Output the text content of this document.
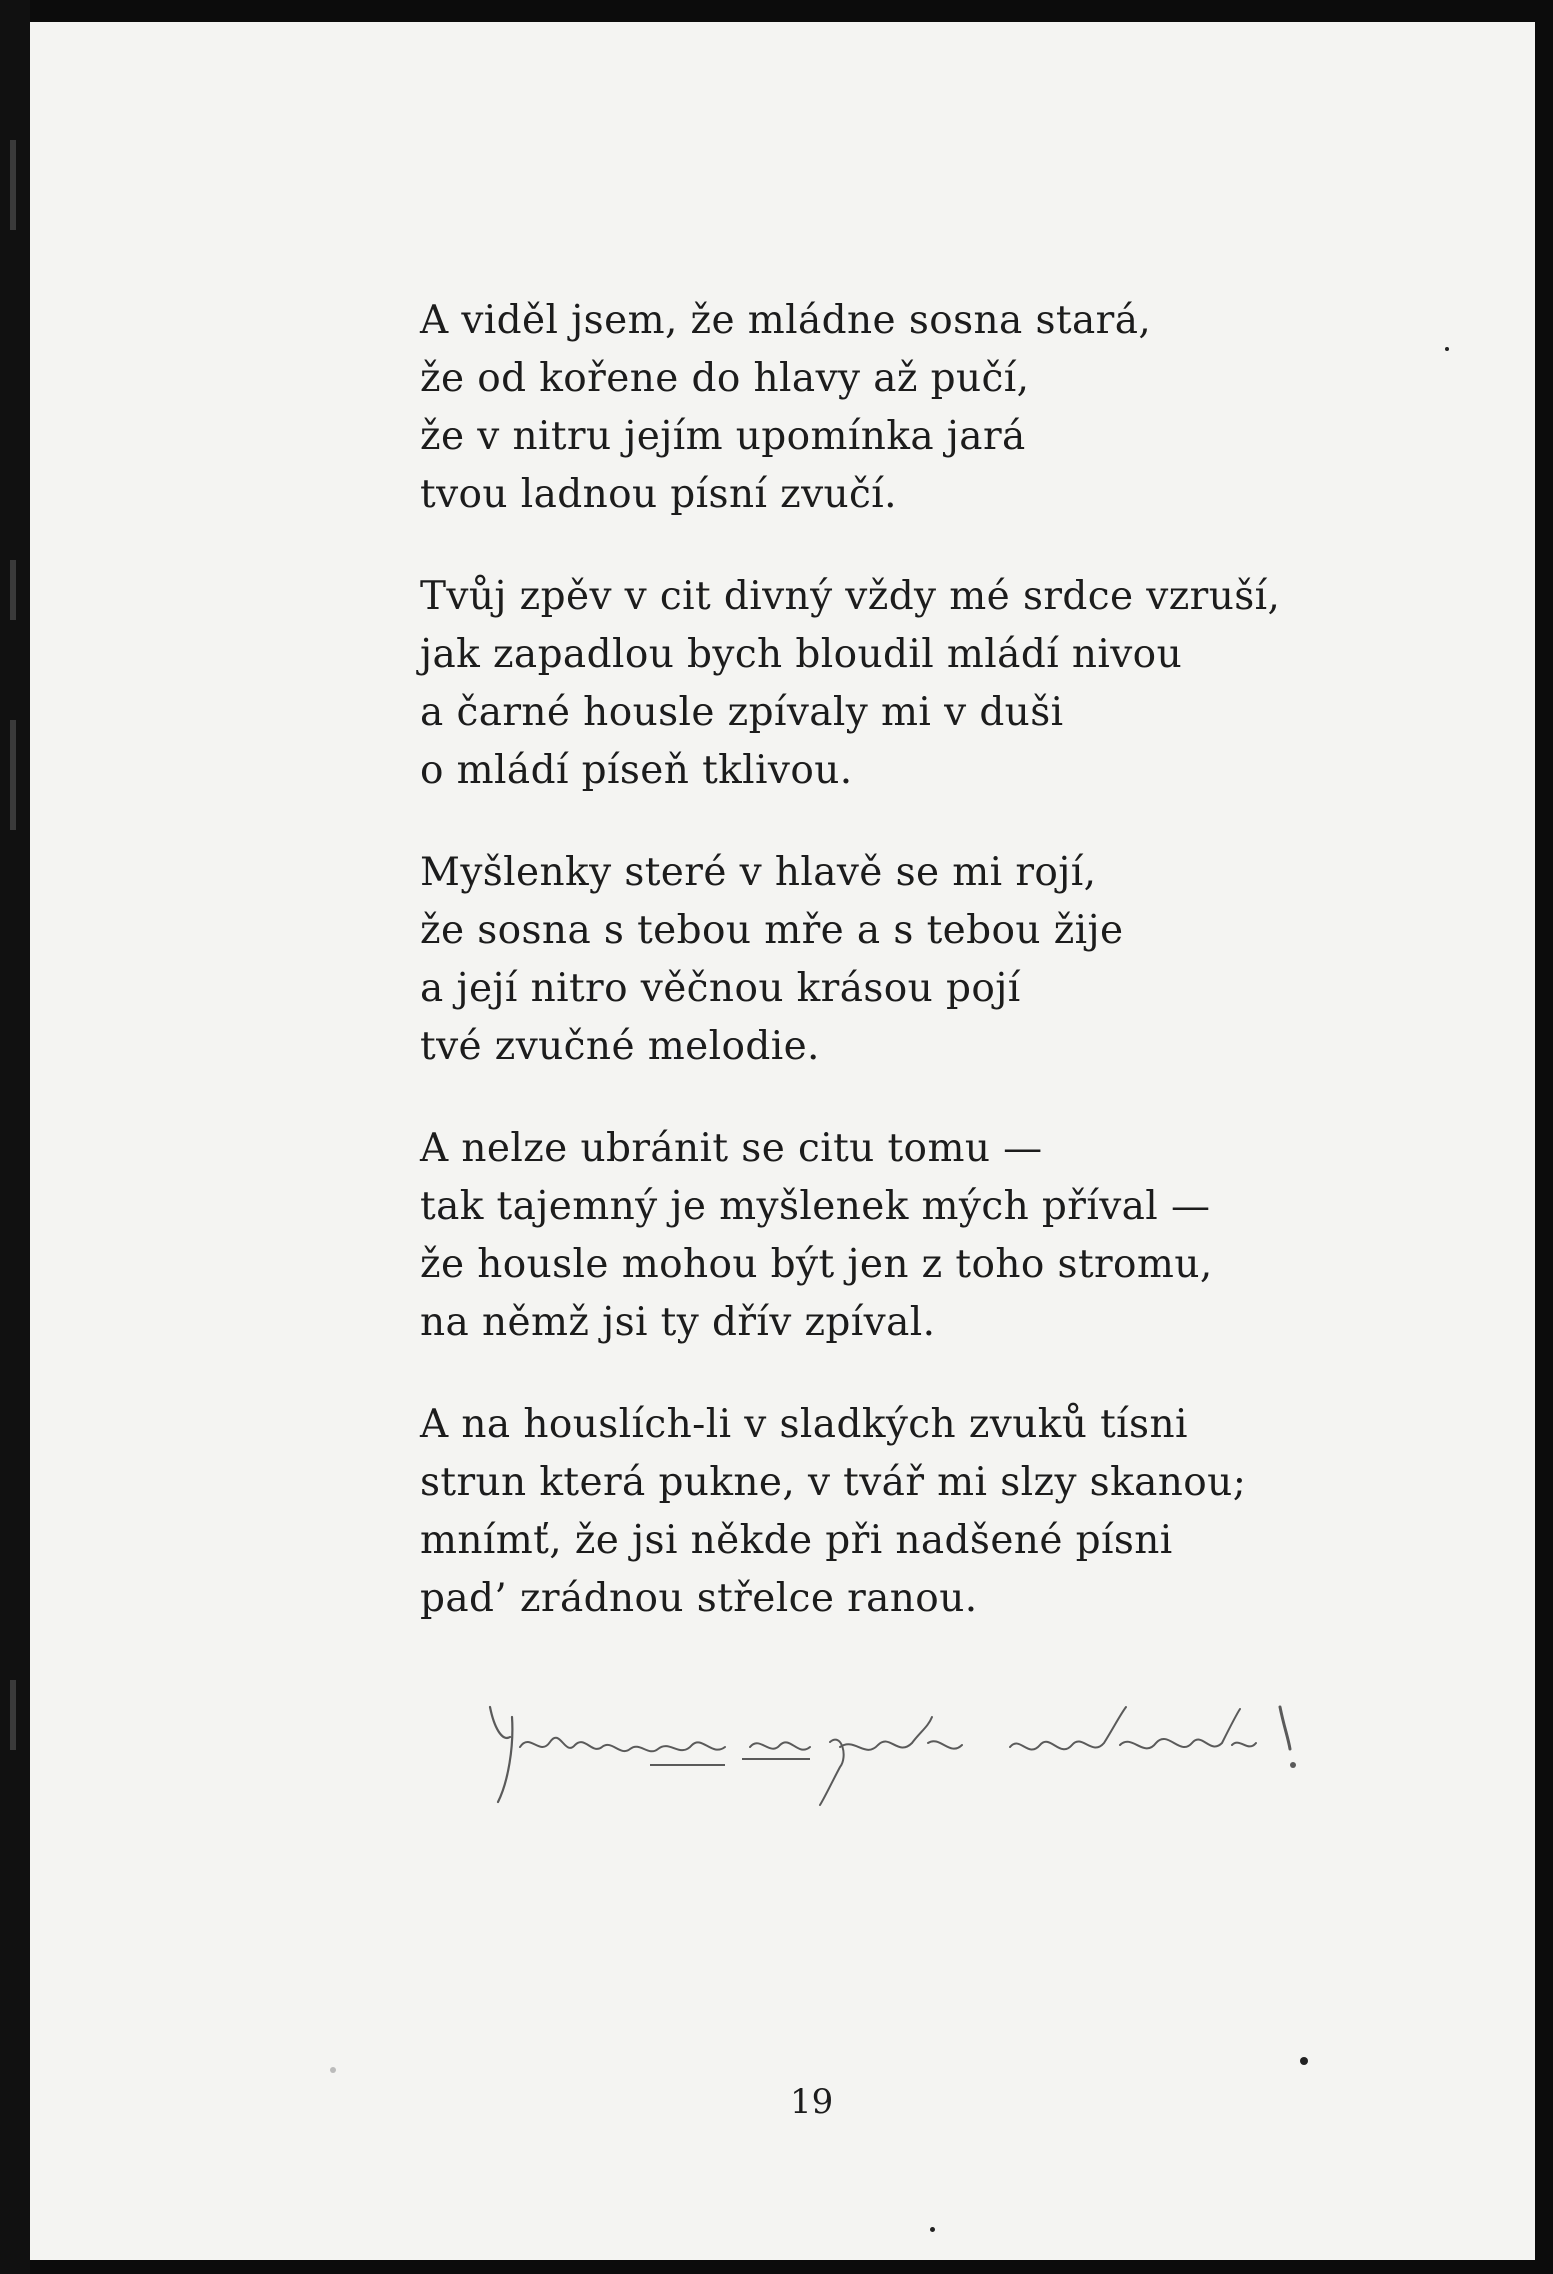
A viděl jsem, že mládne sosna stará,
že od kořene do hlavy až pučí,
že v nitru jejím upomínka jará
tvou ladnou písní zvučí.
Tvůj zpěv v cit divný vždy mé srdce vzruší,
jak zapadlou bych bloudil mládí nivou
a čarné housle zpívaly mi v duši
o mládí píseň tklivou.
Myšlenky steré v hlavě se mi rojí,
že sosna s tebou mře a s tebou žije
a její nitro věčnou krásou pojí
tvé zvučné melodie.
A nelze ubránit se citu tomu —
tak tajemný je myšlenek mých příval —
že housle mohou být jen z toho stromu,
na němž jsi ty dřív zpíval.
A na houslích-li v sladkých zvuků tísni
strun která pukne, v tvář mi slzy skanou;
mnímť, že jsi někde při nadšené písni
pad’ zrádnou střelce ranou.
19
